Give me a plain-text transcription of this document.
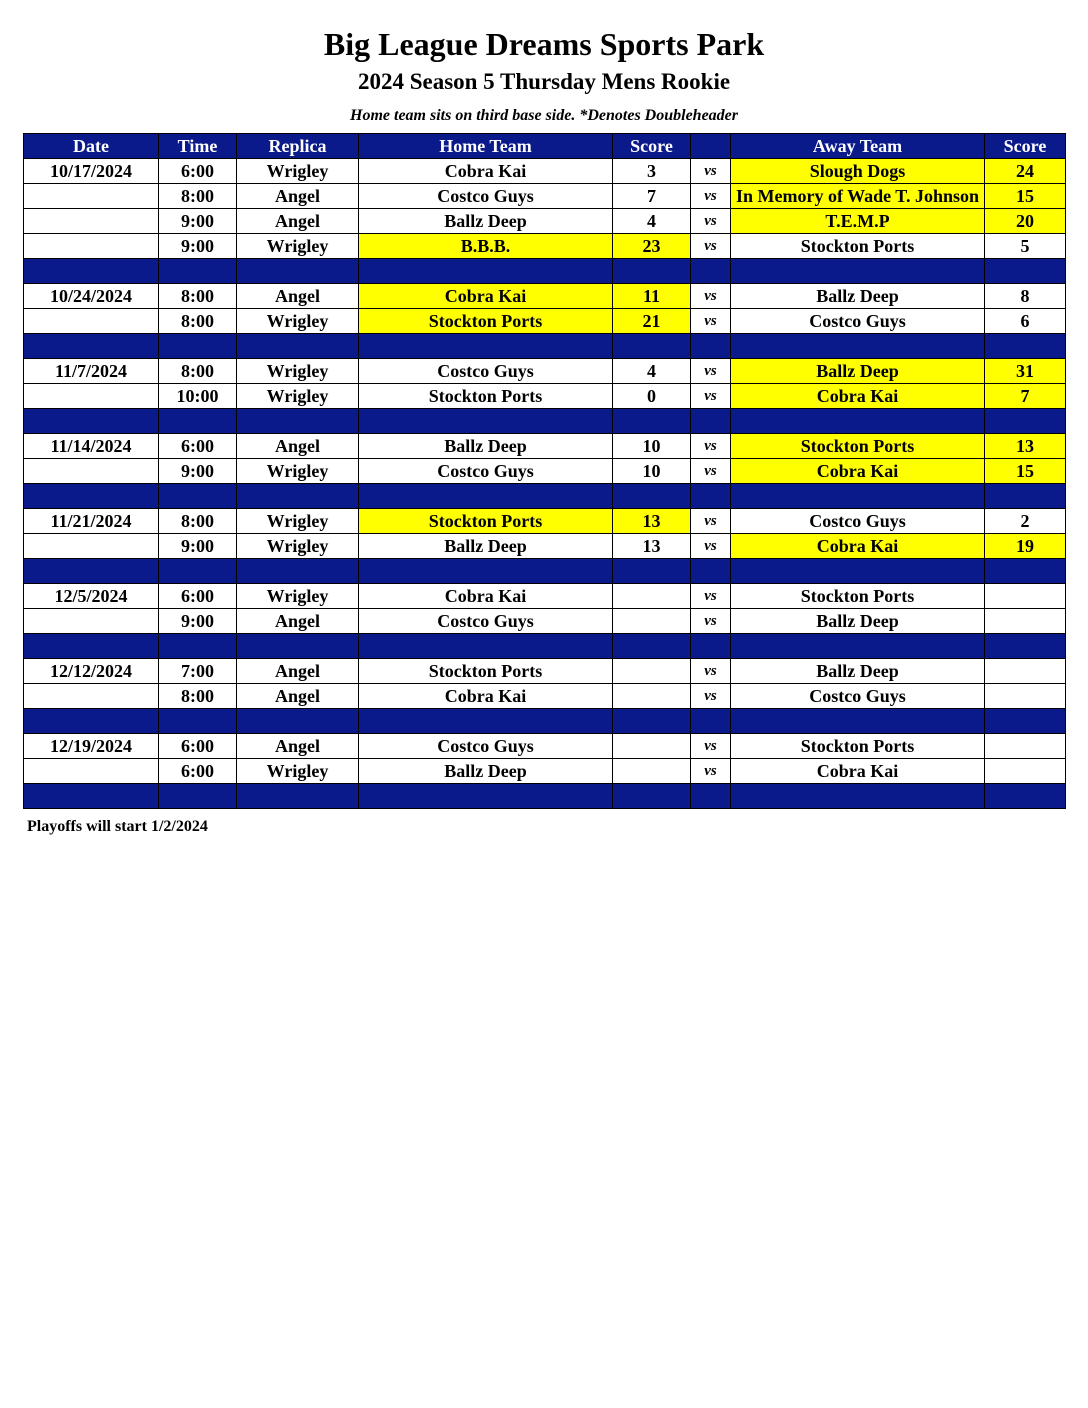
Big League Dreams Sports Park
2024 Season 5 Thursday Mens Rookie
Home team sits on third base side. *Denotes Doubleheader
Date	Time	Replica	Home Team	Score		Away Team	Score
10/17/2024	6:00	Wrigley	Cobra Kai	3	vs	Slough Dogs	24
	8:00	Angel	Costco Guys	7	vs	In Memory of Wade T. Johnson	15
	9:00	Angel	Ballz Deep	4	vs	T.E.M.P	20
	9:00	Wrigley	B.B.B.	23	vs	Stockton Ports	5

10/24/2024	8:00	Angel	Cobra Kai	11	vs	Ballz Deep	8
	8:00	Wrigley	Stockton Ports	21	vs	Costco Guys	6

11/7/2024	8:00	Wrigley	Costco Guys	4	vs	Ballz Deep	31
	10:00	Wrigley	Stockton Ports	0	vs	Cobra Kai	7

11/14/2024	6:00	Angel	Ballz Deep	10	vs	Stockton Ports	13
	9:00	Wrigley	Costco Guys	10	vs	Cobra Kai	15

11/21/2024	8:00	Wrigley	Stockton Ports	13	vs	Costco Guys	2
	9:00	Wrigley	Ballz Deep	13	vs	Cobra Kai	19

12/5/2024	6:00	Wrigley	Cobra Kai		vs	Stockton Ports	
	9:00	Angel	Costco Guys		vs	Ballz Deep	

12/12/2024	7:00	Angel	Stockton Ports		vs	Ballz Deep	
	8:00	Angel	Cobra Kai		vs	Costco Guys	

12/19/2024	6:00	Angel	Costco Guys		vs	Stockton Ports	
	6:00	Wrigley	Ballz Deep		vs	Cobra Kai	

Playoffs will start 1/2/2024
